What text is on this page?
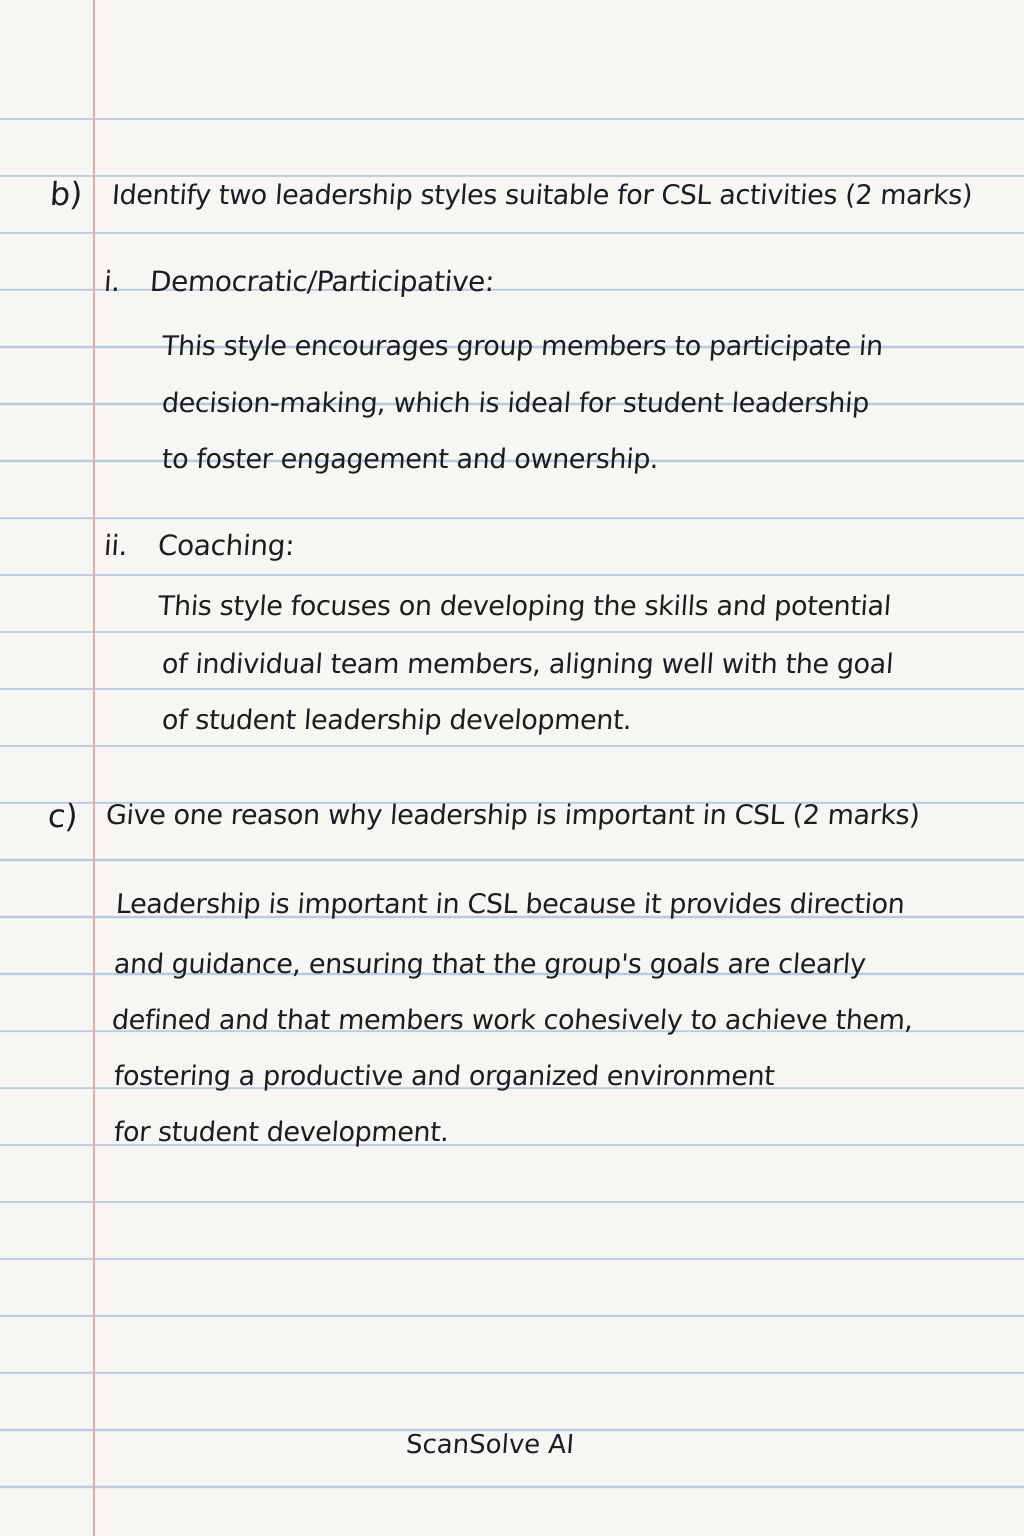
b) Identify two leadership styles suitable for CSL activities (2 marks)
i. Democratic/Participative:
This style encourages group members to participate in
decision-making, which is ideal for student leadership
to foster engagement and ownership.
ii. Coaching:
This style focuses on developing the skills and potential
of individual team members, aligning well with the goal
of student leadership development.
c) Give one reason why leadership is important in CSL (2 marks)
Leadership is important in CSL because it provides direction
and guidance, ensuring that the group's goals are clearly
defined and that members work cohesively to achieve them,
fostering a productive and organized environment
for student development.
ScanSolve AI
